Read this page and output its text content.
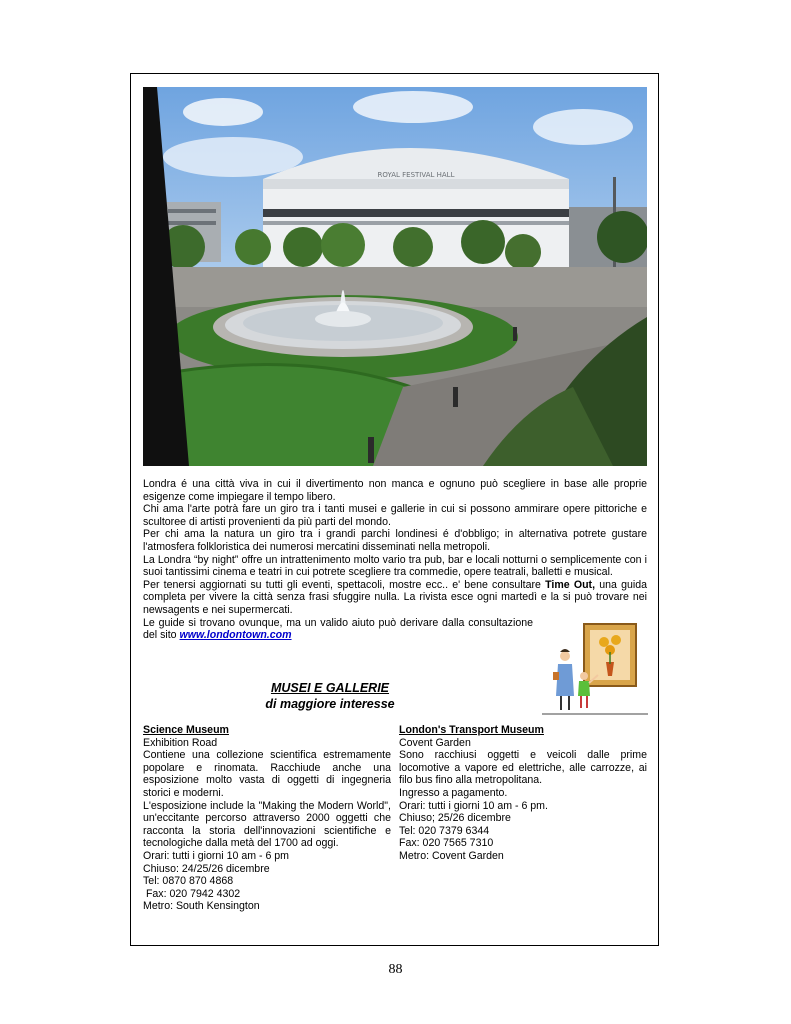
ROYAL FESTIVAL HALL

Londra é una città viva in cui il divertimento non manca e ognuno può scegliere in base alle proprie esigenze come impiegare il tempo libero.

Chi ama l'arte potrà fare un giro tra i tanti musei e gallerie in cui si possono ammirare opere pittoriche e scultoree di artisti provenienti da più parti del mondo.

Per chi ama la natura un giro tra i grandi parchi londinesi é d'obbligo; in alternativa potrete gustare l'atmosfera folkloristica dei numerosi mercatini disseminati nella metropoli.

La Londra “by night” offre un intrattenimento molto vario tra pub, bar e locali notturni o semplicemente con i suoi tantissimi cinema e teatri in cui potrete scegliere tra commedie, opere teatrali, balletti e musical.

Per tenersi aggiornati su tutti gli eventi, spettacoli, mostre ecc.. e' bene consultare Time Out, una guida completa per vivere la città senza frasi sfuggire nulla. La rivista esce ogni martedì e la si può trovare nei newsagents e nei supermercati.

Le guide si trovano ovunque, ma un valido aiuto può derivare dalla consultazione del sito www.londontown.com

MUSEI E GALLERIE
di maggiore interesse

Science Museum

Exhibition Road

Contiene una collezione scientifica estremamente popolare e rinomata. Racchiude anche una esposizione molto vasta di oggetti di ingegneria storici e moderni.

L'esposizione include la "Making the Modern World", un'eccitante percorso attraverso 2000 oggetti che racconta la storia dell'innovazioni scientifiche e tecnologiche dalla metà del 1700 ad oggi.

Orari: tutti i giorni 10 am - 6 pm

Chiuso: 24/25/26 dicembre

Tel: 0870 870 4868

Fax: 020 7942 4302

Metro: South Kensington

London's Transport Museum

Covent Garden

Sono racchiusi oggetti e veicoli dalle prime locomotive a vapore ed elettriche, alle carrozze, ai filo bus fino alla metropolitana.

Ingresso a pagamento.

Orari: tutti i giorni 10 am - 6 pm.

Chiuso; 25/26 dicembre

Tel: 020 7379 6344

Fax: 020 7565 7310

Metro: Covent Garden

88
